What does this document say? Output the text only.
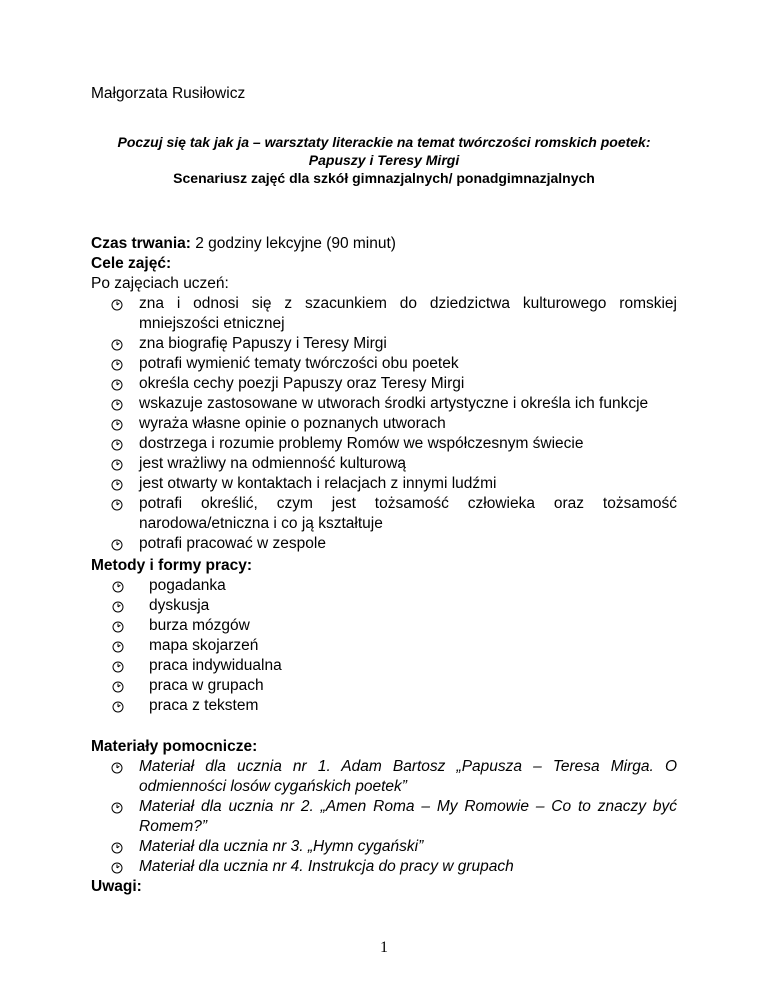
Małgorzata Rusiłowicz
Poczuj się tak jak ja – warsztaty literackie na temat twórczości romskich poetek:
Papuszy i Teresy Mirgi
Scenariusz zajęć dla szkół gimnazjalnych/ ponadgimnazjalnych
Czas trwania: 2 godziny lekcyjne (90 minut)
Cele zajęć:
Po zajęciach uczeń:
zna i odnosi się z szacunkiem do dziedzictwa kulturowego romskiej mniejszości etnicznej
zna biografię Papuszy i Teresy Mirgi
potrafi wymienić tematy twórczości obu poetek
określa cechy poezji Papuszy oraz Teresy Mirgi
wskazuje zastosowane w utworach środki artystyczne i określa ich funkcje
wyraża własne opinie o poznanych utworach
dostrzega i rozumie problemy Romów we współczesnym świecie
jest wrażliwy na odmienność kulturową
jest otwarty w kontaktach i relacjach z innymi ludźmi
potrafi określić, czym jest tożsamość człowieka oraz tożsamość narodowa/etniczna i co ją kształtuje
potrafi pracować w zespole
Metody i formy pracy:
pogadanka
dyskusja
burza mózgów
mapa skojarzeń
praca indywidualna
praca w grupach
praca z tekstem
Materiały pomocnicze:
Materiał dla ucznia nr 1. Adam Bartosz „Papusza – Teresa Mirga. O odmienności losów cygańskich poetek”
Materiał dla ucznia nr 2. „Amen Roma – My Romowie – Co to znaczy być Romem?”
Materiał dla ucznia nr 3. „Hymn cygański”
Materiał dla ucznia nr 4. Instrukcja do pracy w grupach
Uwagi:
1
